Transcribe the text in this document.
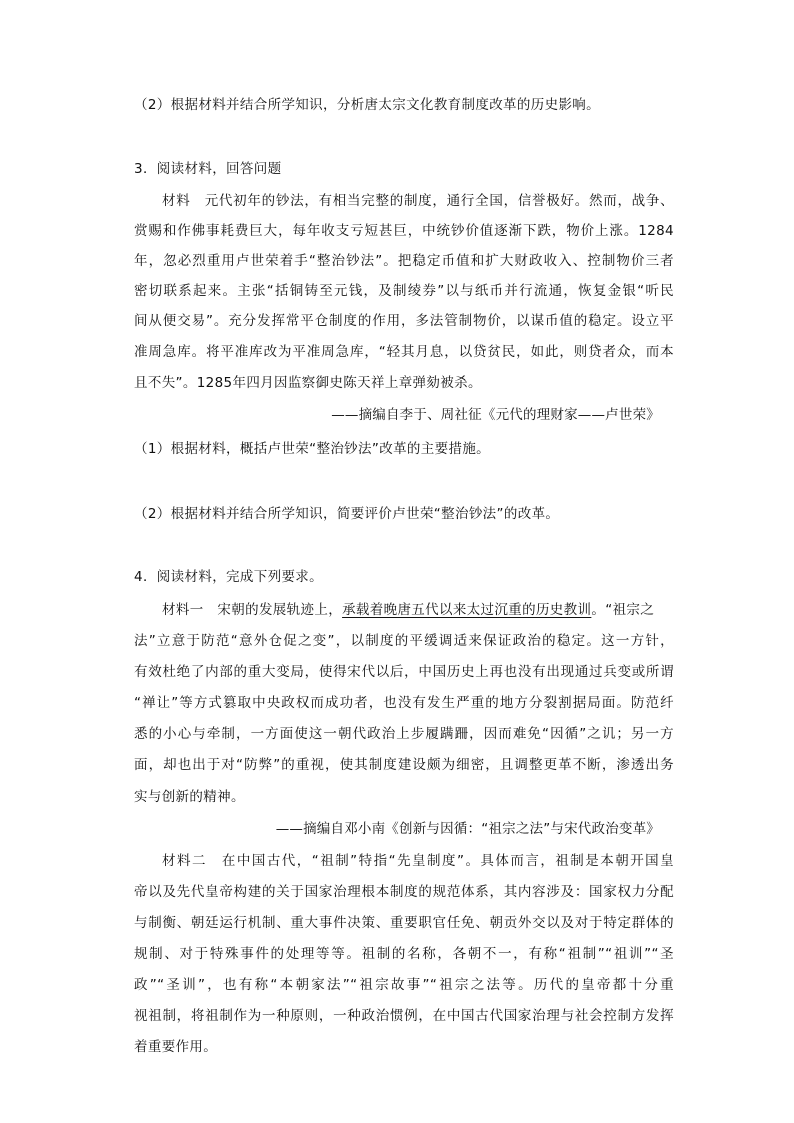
（2）根据材料并结合所学知识，分析唐太宗文化教育制度改革的历史影响。
3．阅读材料，回答问题
材料　元代初年的钞法，有相当完整的制度，通行全国，信誉极好。然而，战争、
赏赐和作佛事耗费巨大，每年收支亏短甚巨，中统钞价值逐渐下跌，物价上涨。1284
年，忽必烈重用卢世荣着手“整治钞法”。把稳定币值和扩大财政收入、控制物价三者
密切联系起来。主张“括铜铸至元钱，及制绫券”以与纸币并行流通，恢复金银“听民
间从便交易”。充分发挥常平仓制度的作用，多法管制物价，以谋币值的稳定。设立平
准周急库。将平准库改为平准周急库，“轻其月息，以贷贫民，如此，则贷者众，而本
且不失”。1285年四月因监察御史陈天祥上章弹劾被杀。
——摘编自李于、周社征《元代的理财家——卢世荣》
（1）根据材料，概括卢世荣“整治钞法”改革的主要措施。
（2）根据材料并结合所学知识，简要评价卢世荣“整治钞法”的改革。
4．阅读材料，完成下列要求。
材料一　宋朝的发展轨迹上，承载着晚唐五代以来太过沉重的历史教训。“祖宗之
法”立意于防范“意外仓促之变”，以制度的平缓调适来保证政治的稳定。这一方针，
有效杜绝了内部的重大变局，使得宋代以后，中国历史上再也没有出现通过兵变或所谓
“禅让”等方式篡取中央政权而成功者，也没有发生严重的地方分裂割据局面。防范纤
悉的小心与牵制，一方面使这一朝代政治上步履蹒跚，因而难免“因循”之讥；另一方
面，却也出于对“防弊”的重视，使其制度建设颇为细密，且调整更革不断，渗透出务
实与创新的精神。
——摘编自邓小南《创新与因循：“祖宗之法”与宋代政治变革》
材料二　在中国古代，“祖制”特指“先皇制度”。具体而言，祖制是本朝开国皇
帝以及先代皇帝构建的关于国家治理根本制度的规范体系，其内容涉及：国家权力分配
与制衡、朝廷运行机制、重大事件决策、重要职官任免、朝贡外交以及对于特定群体的
规制、对于特殊事件的处理等等。祖制的名称，各朝不一，有称“祖制”“祖训”“圣
政”“圣训”，也有称“本朝家法”“祖宗故事”“祖宗之法等。历代的皇帝都十分重
视祖制，将祖制作为一种原则，一种政治惯例，在中国古代国家治理与社会控制方发挥
着重要作用。
